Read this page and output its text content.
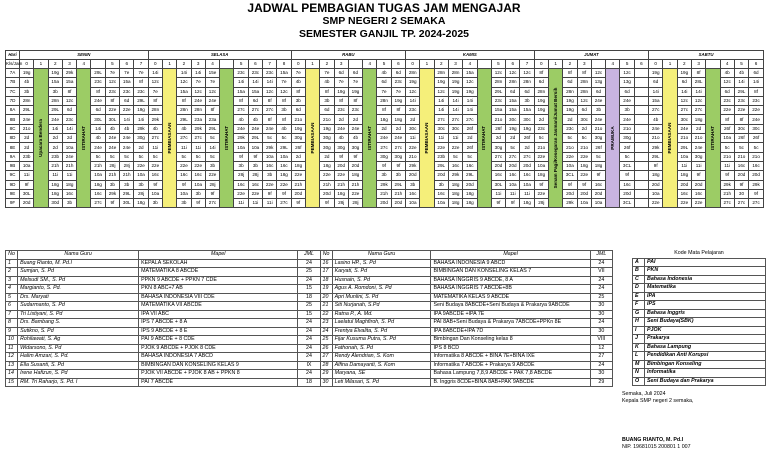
JADWAL PEMBAGIAN TUGAS JAM MENGAJAR
SMP NEGERI 2 SEMAKA
SEMESTER GANJIL TP. 2024-2025
Hari	SENIN									SELASA										RABU								KAMIS									JUMAT								SABTU							
Kls/Jam	0	1	2	3	4		5	6	7	0	1	2	3	4		5	6	7	8	0	1	2	3		4	5	6	0	1	2	3	4		5	6	7	0	1	2	3		4	5	6	0	1	2	3		4	5	6
7A	19g	Upacara Bendera	19g	29k	ISTIRAHAT	29L	7e	7e	7e	14i	PEMBIASAAN	14i	14i	15e	ISTIRAHAT	23c	23c	23c	15a	7e	PEMBIASAAN	7e	6d	6d	ISTIRAHAT	4b	6d	28n	PEMBIASAAN	28n	28n	15a	ISTIRAHAT	12c	12c	12c	8f	Senam Pagi/Kesegaran Jasmani/Jumat Bersih	8f	8f	12c	PRAMUKA	12c		19g	PEMBIASAAN	19g	8f	ISTIRAHAT	4b	4b	6d
7B	4b		15a	15a		23c	12c	15a	8f	12c		12c	7e	7e		14i	14i	14i	7e	4b		4b	7e	7e		6d	23c	19g		19g	19g	12c		28n	28n	28n	6d		6d	28n	13g		13g		6d		6d	28L		12c	14i	14i
7C	3b		3b	8f		8f	23c	23c	23c	7e		15a	12c	12c		15a	15a	12c	12c	8f		8f	19g	19g		7e	7e	12c		12c	19g	19g		29L	6d	6d	28n		28n	28n	6d		6d		14i		14i	14i		6d	29L	8f
7D	28n		28n	12c		24e	8f	6d	29L	8f		8f	24e	24e		8f	6d	8f	8f	3b		3b	8f	8f		28n	19g	14i		14i	14i	14i		23c	15a	3b	19g		19g	12c	24e		24e		15a		12c	12c		23c	23c	23c
8A	29L		29L	6d		6d	22e	22e	19g	28n		28n	28n	8f		27c	27c	27c	3b	6d		6d	23c	23c		8f	8f	23c		14i	14i	14i		15a	15a	15a	19g		19g	6d	3b		3b		27c		27c	27c		22e	22e	22e
8B	24e		24e	23c		30L	30L	14i	14i	29k		29L	23a	23a		4b	4b	8f	8f	21o		21o	2d	2d		18g	18g	2d		27c	27c	27c		21o	30c	30c	2d		2d	30c	24e		24e		4b		30c	18g		8f	8f	24e
8C	21o		14i	14i		14i	4b	4b	29k	4b		4b	29k	29L		24e	24e	24e	4b	19g		19g	24e	24e		2d	2d	30c		30c	30c	26f		26f	19g	19g	23c		23c	2d	21o		21o		24e		24e	2d		26f	30c	30c
8D	2d		2d	2d		4b	24e	24e	30g	27c		27c	27c	5c		29k	29L	5c	5c	30g		30g	4b	4b		24e	24e	11i		11i	11i	2d		2d	2d	26f	5c		5c	5c	30g		30g		21o		21o	21o		10a	26f	26f
8E	2d		2d	10a		24e	24e	24e	2d	11i		11i	11i	14i		10a	10a	29k	29L	26f		30g	30g	30g		27c	27c	22e		22e	22e	26f		30g	5c	2d	21o		21o	21o	26f		26f		29k		29L	24e		5c	5c	5c
9A	23b		23b	24e		5c	5c	5c	5c	5c		5c	5c	5c		9f	9f	10a	10a	2d		2d	9f	9f		30g	30g	21o		23b	5c	5c		27c	27c	27c	22e		22e	22e	5c		5c		29L		10a	30g		21o	21o	21o
9B	10a		21h	21h		21h	28j	28j	22e	22e		22e	22e	3b		3b	3b	16c	16c	18g		18g	20d	20d		9f	9f	29k		29L	16c	16c		20d	20d	20d	10a		10a	18g	18g		3CL		9f		11i	11i		11i	16c	16c
9C	11i		11i	11i		10a	21h	21h	10a	16c		16c	16c	22e		28j	28j	3b	18g	22e		22e	22e	18g		3b	3b	20d		20d	29k	29L		16c	16c	16c	18g		3CL	22e	9f		9f		18g		18g	9f		9f	20d	20d
9D	9f		18g	18g		18g	3b	3b	3b	9f		9f	10a	28j		16c	16c	22e	22e	21h		21h	21h	21h		29k	29L	3b		3b	18g	20d		30L	10a	10a	9f		9f	9f	16c		16c		20d		20d	20d		29k	9f	29k
9E	30L		18g	16c		16c	29k	29L	28j	10a		10a	3b	9f		22e	22e	9f	9f	20d		20d	18g	22e		21h	21h	16c		16c	18g	18g		11i	11i	11i	22e		20d	20d	20d		20d		10a		16c	16c		21h	30	9f
9F	20d		30d	3b		27c	9f	30L	18g	3b		3b	9f	27c		11i	11i	11i	27c	9f		9f	28j	28j		20d	20d	10a		10a	18g	18g		9f	9f	18g	28j		29k	10a	10a		3CL		22e		22e	22e		27c	27c	27c
No	Nama Guru	Mapel	JML	No	Nama Guru	Mapel	JML
1	Buang Rianto, M. Pd.I	KEPALA SEKOLAH	24	16	Lasino HP., S. Pd	BAHASA INDONESIA 9 ABCD	24
2	Sumjan, S. Pd	MATEMATIKA 8 ABCDE	25	17	Karyati, S. Pd	BIMBINGAN DAN KONSELING KELAS 7	VII
3	Melsudi SM., S. Pd	PPKN 9 ABCDE + PPKN 7 CDE	24	18	Husnain, S. Pd	BAHASA INGGRIS 9 ABCDE, 8 A	24
4	Margianto, S. Pd.	PKN 8 ABC+7 AB	15	19	Agus A. Romdoni, S. Pd	BAHASA INGGRIS 7 ABCDE+8B	24
5	Drs. Maryati	BAHASA INDONESIA VIII CDE	18	20	Apri Munlini, S. Pd	MATEMATIKA KELAS 9 ABCDE	25
6	Sudarmanto, S. Pd	MATEMATIKA VII ABCDE	25	21	Siti Nurjanah, S.Pd	Seni Budaya 8ABCDE+Seni Budaya & Prakarya 9ABCDE	30
7	Tri Listiyani, S. Pd	IPA VII ABC	15	22	Ratna P., A. Md.	IPA 9ABCDE +IPA 7E	30
8	Drs. Bambang S.	IPS 7 ABCDE + 8 A	24	23	Laelatul Maghfiroh, S. Pd	PAI 8AB+Seni Budaya & Prakarya 7ABCDE+PPKn 8E	24
9	Sutikno, S. Pd	IPS 9 ABCDE + 8 E	24	24	Frentya Elvalita, S. Pd	IPA 8ABCDE+IPA 7D	30
10	Rohilawati, S. Ag	PAI 9 ABCDE + 8 CDE	24	25	Fijar Kusuma Putra, S. Pd	Bimbingan Dan Konseling kelas 8	VIII
11	Widarsono, S. Pd	PJOK 9 ABCDE + PJOK 8 CDE	24	26	Fathonah, S. Pd	IPS 8 BCD	12
12	Halim Amzari, S. Pd.	BAHASA INDONESIA 7 ABCD	24	27	Rendy Alendrian, S. Kom	Informatika 8 ABCDE + BINA 7E+BINA IXE	27
13	Ella Susanti, S. Pd	BIMBINGAN DAN KONSELING KELAS 9	IX	28	Alfina Damayanti, S. Kom	Informatika 7 ABCDE + Prakarya 9 ABCDE	24
14	Irene Hafizun, S. Pd	PJOK VII ABCDE + PJOK 8 AB + PPKN 8	24	29	Maryana, SE	Bahasa Lampung 7,8,9 ABCDE + PAK 7,8 ABCDE	30
15	RM. Tri Raharjo, S. Pd. I	PAI 7 ABCDE	18	30	Leti Milasari, S. Pd	B. Inggris 8CDE+BINA 8AB+PAK 9ABCDE	29
Kode Mata Pelajaran	
A	PAI
B	PKN
C	Bahasa Indonesia
D	Matematika
E	IPA
F	IPS
G	Bahasa Inggris
H	Seni Budaya(SBK)
I	PJOK
J	Prakarya
K	Bahasa Lampung
L	Pendidikan Anti Korupsi
M	Bimbingan Konseling
N	Informatika
O	Seni Budaya dan Prakarya
Semaka, Juli 2024
Kepala SMP negeri 2 semaka,
BUANG RIANTO, M. Pd.I
NIP. 19681015 200801 1 007
